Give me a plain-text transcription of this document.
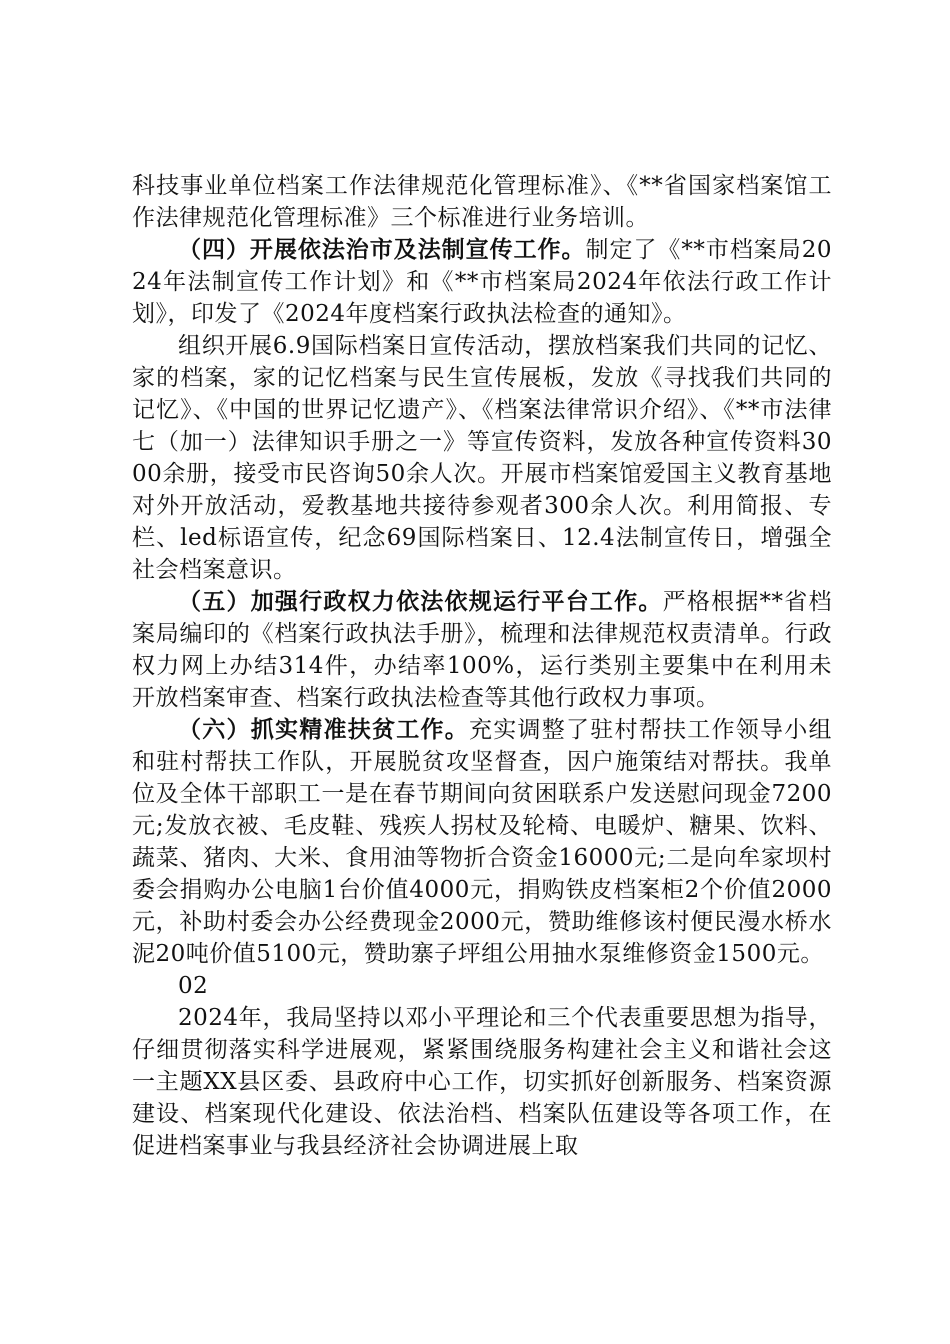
科技事业单位档案工作法律规范化管理标准》、《**省国家档案馆工作法律规范化管理标准》三个标准进行业务培训。

（四）开展依法治市及法制宣传工作。制定了《**市档案局2024年法制宣传工作计划》和《**市档案局2024年依法行政工作计划》，印发了《2024年度档案行政执法检查的通知》。

组织开展6.9国际档案日宣传活动，摆放档案我们共同的记忆、家的档案，家的记忆档案与民生宣传展板，发放《寻找我们共同的记忆》、《中国的世界记忆遗产》、《档案法律常识介绍》、《**市法律七（加一）法律知识手册之一》等宣传资料，发放各种宣传资料3000余册，接受市民咨询50余人次。开展市档案馆爱国主义教育基地对外开放活动，爱教基地共接待参观者300余人次。利用简报、专栏、led标语宣传，纪念69国际档案日、12.4法制宣传日，增强全社会档案意识。

（五）加强行政权力依法依规运行平台工作。严格根据**省档案局编印的《档案行政执法手册》，梳理和法律规范权责清单。行政权力网上办结314件，办结率100%，运行类别主要集中在利用未开放档案审查、档案行政执法检查等其他行政权力事项。

（六）抓实精准扶贫工作。充实调整了驻村帮扶工作领导小组和驻村帮扶工作队，开展脱贫攻坚督查，因户施策结对帮扶。我单位及全体干部职工一是在春节期间向贫困联系户发送慰问现金7200元;发放衣被、毛皮鞋、残疾人拐杖及轮椅、电暖炉、糖果、饮料、蔬菜、猪肉、大米、食用油等物折合资金16000元;二是向牟家坝村委会捐购办公电脑1台价值4000元，捐购铁皮档案柜2个价值2000元，补助村委会办公经费现金2000元，赞助维修该村便民漫水桥水泥20吨价值5100元，赞助寨子坪组公用抽水泵维修资金1500元。

02

2024年，我局坚持以邓小平理论和三个代表重要思想为指导，仔细贯彻落实科学进展观，紧紧围绕服务构建社会主义和谐社会这一主题XX县区委、县政府中心工作，切实抓好创新服务、档案资源建设、档案现代化建设、依法治档、档案队伍建设等各项工作，在促进档案事业与我县经济社会协调进展上取
